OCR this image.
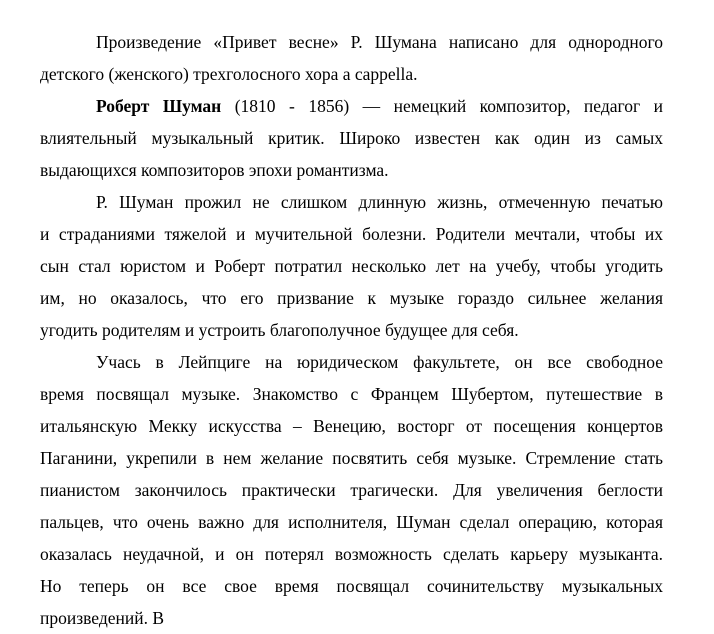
Произведение «Привет весне» Р. Шумана написано для однородного
детского (женского) трехголосного хора a cappella.
Роберт Шуман (1810 - 1856) — немецкий композитор, педагог и
влиятельный музыкальный критик. Широко известен как один из самых
выдающихся композиторов эпохи романтизма.
Р. Шуман прожил не слишком длинную жизнь, отмеченную печатью
и страданиями тяжелой и мучительной болезни. Родители мечтали, чтобы их
сын стал юристом и Роберт потратил несколько лет на учебу, чтобы угодить
им, но оказалось, что его призвание к музыке гораздо сильнее желания
угодить родителям и устроить благополучное будущее для себя.
Учась в Лейпциге на юридическом факультете, он все свободное
время посвящал музыке. Знакомство с Францем Шубертом, путешествие в
итальянскую Мекку искусства – Венецию, восторг от посещения концертов
Паганини, укрепили в нем желание посвятить себя музыке. Стремление стать
пианистом закончилось практически трагически. Для увеличения беглости
пальцев, что очень важно для исполнителя, Шуман сделал операцию, которая
оказалась неудачной, и он потерял возможность сделать карьеру музыканта.
Но теперь он все свое время посвящал сочинительству музыкальных
произведений. В
